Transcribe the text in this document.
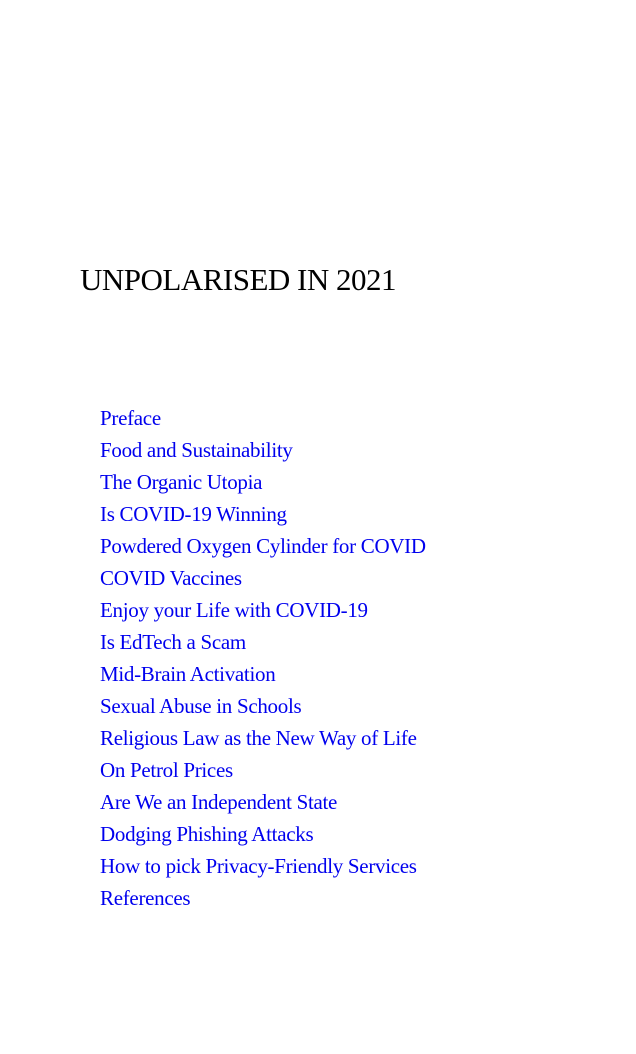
UNPOLARISED IN 2021
Preface
Food and Sustainability
The Organic Utopia
Is COVID-19 Winning
Powdered Oxygen Cylinder for COVID
COVID Vaccines
Enjoy your Life with COVID-19
Is EdTech a Scam
Mid-Brain Activation
Sexual Abuse in Schools
Religious Law as the New Way of Life
On Petrol Prices
Are We an Independent State
Dodging Phishing Attacks
How to pick Privacy-Friendly Services
References
